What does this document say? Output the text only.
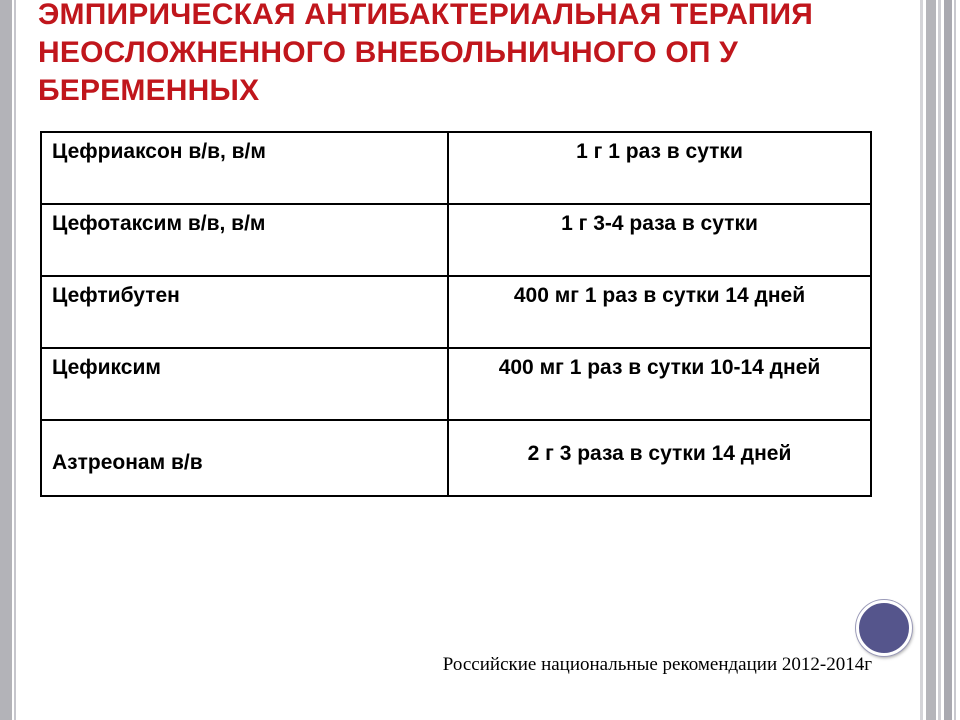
ЭМПИРИЧЕСКАЯ АНТИБАКТЕРИАЛЬНАЯ ТЕРАПИЯ НЕОСЛОЖНЕННОГО ВНЕБОЛЬНИЧНОГО ОП У БЕРЕМЕННЫХ
Цефриаксон в/в, в/м	1 г 1 раз в сутки
Цефотаксим в/в, в/м	1 г 3-4 раза в сутки
Цефтибутен	400 мг 1 раз в сутки 14 дней
Цефиксим	400 мг 1 раз в сутки 10-14 дней
Азтреонам в/в	2 г 3 раза в сутки 14 дней
Российские национальные рекомендации 2012-2014г
